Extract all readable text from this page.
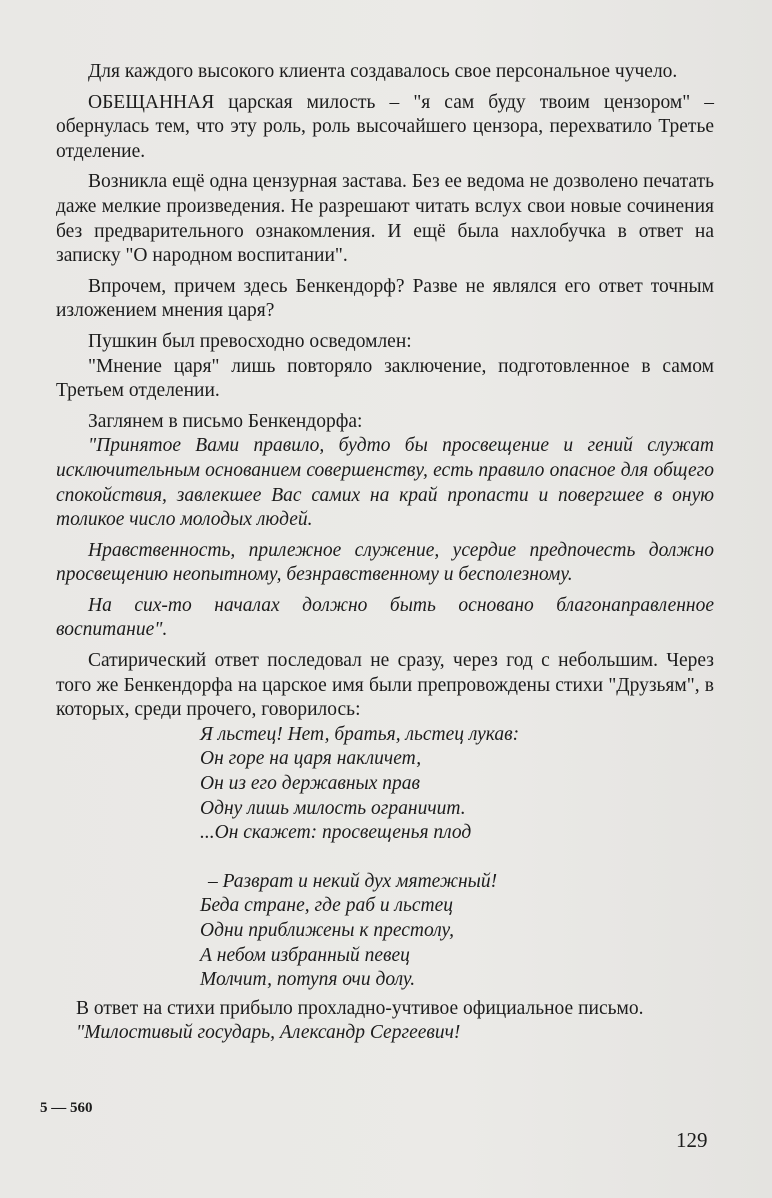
Для каждого высокого клиента создавалось свое персональное чучело.

ОБЕЩАННАЯ царская милость – "я сам буду твоим цензором" – обернулась тем, что эту роль, роль высочайшего цензора, перехватило Третье отделение.

Возникла ещё одна цензурная застава. Без ее ведома не дозволено печатать даже мелкие произведения. Не разрешают читать вслух свои новые сочинения без предварительного ознакомления. И ещё была нахлобучка в ответ на записку "О народном воспитании".

Впрочем, причем здесь Бенкендорф? Разве не являлся его ответ точным изложением мнения царя?

Пушкин был превосходно осведомлен:

"Мнение царя" лишь повторяло заключение, подготовленное в самом Третьем отделении.

Заглянем в письмо Бенкендорфа:

"Принятое Вами правило, будто бы просвещение и гений служат исключительным основанием совершенству, есть правило опасное для общего спокойствия, завлекшее Вас самих на край пропасти и повергшее в оную толикое число молодых людей.

Нравственность, прилежное служение, усердие предпочесть должно просвещению неопытному, безнравственному и бесполезному.

На сих-то началах должно быть основано благонаправленное воспитание".

Сатирический ответ последовал не сразу, через год с небольшим. Через того же Бенкендорфа на царское имя были препровождены стихи "Друзьям", в которых, среди прочего, говорилось:

Я льстец! Нет, братья, льстец лукав:
Он горе на царя накличет,
Он из его державных прав
Одну лишь милость ограничит.
...Он скажет: просвещенья плод
– Разврат и некий дух мятежный!
Беда стране, где раб и льстец
Одни приближены к престолу,
А небом избранный певец
Молчит, потупя очи долу.

В ответ на стихи прибыло прохладно-учтивое официальное письмо.

"Милостивый государь, Александр Сергеевич!

5 — 560
129
